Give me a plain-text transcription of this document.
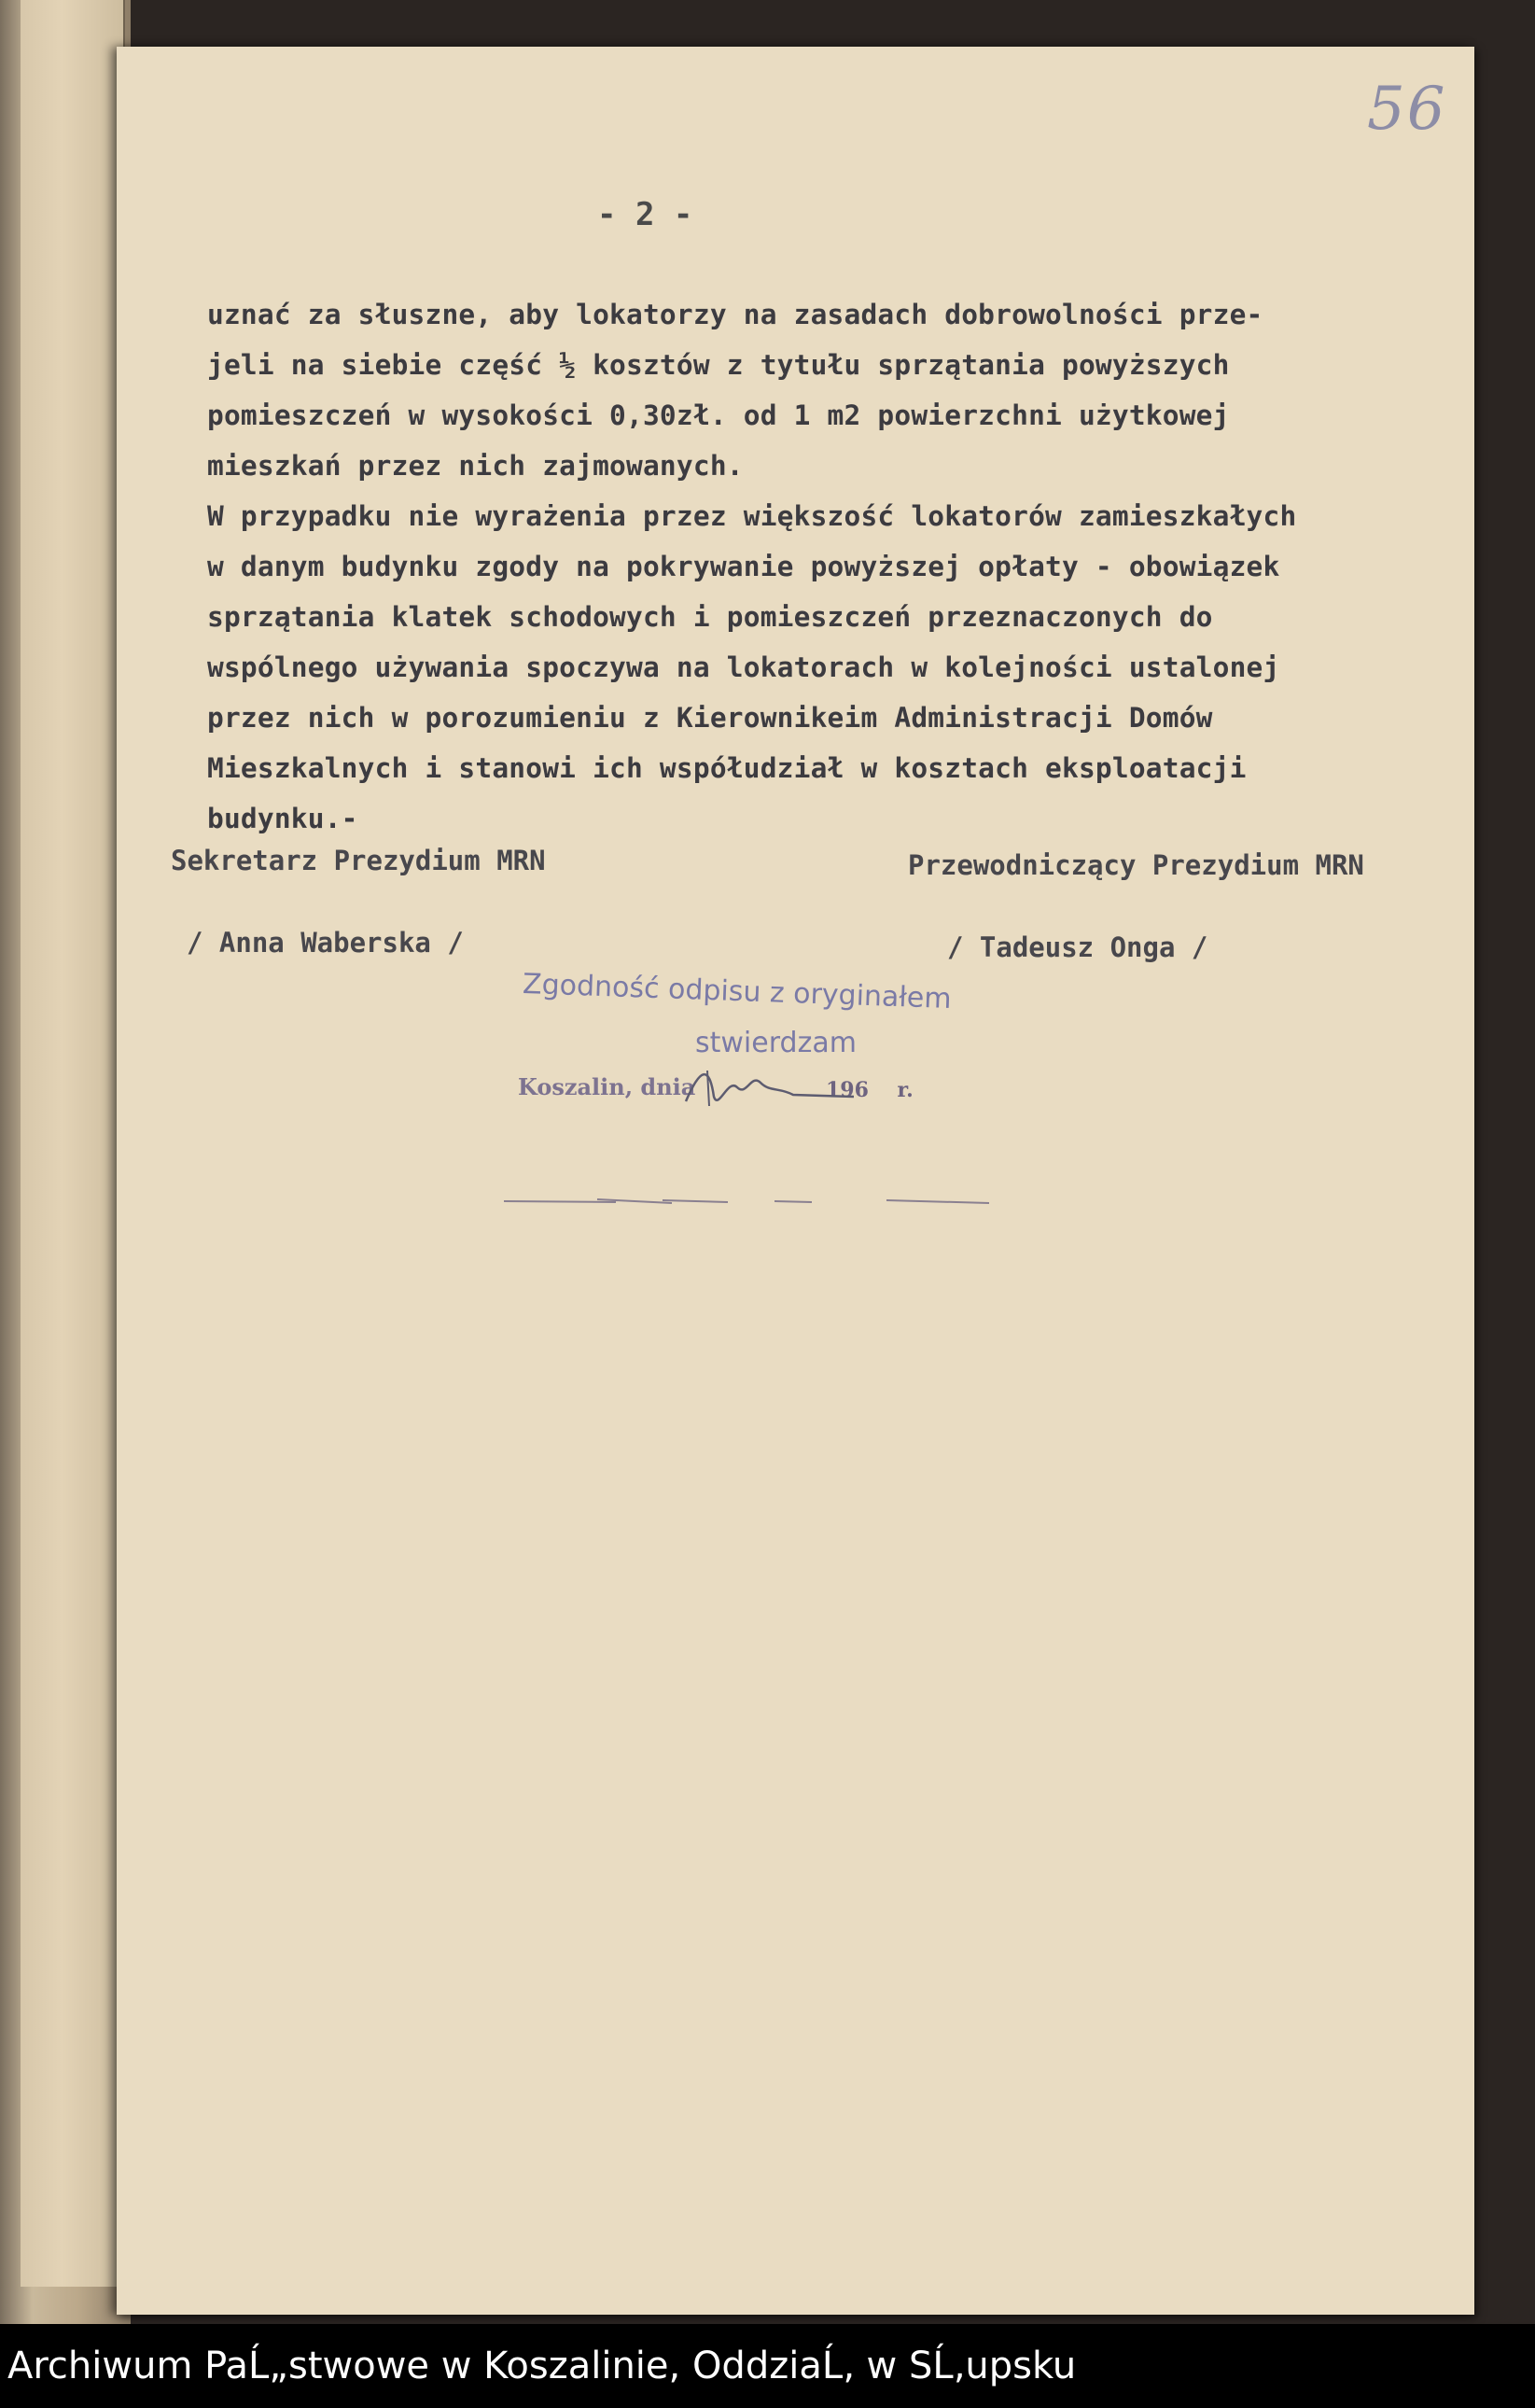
56
- 2 -
uznać za słuszne, aby lokatorzy na zasadach dobrowolności prze-
jeli na siebie część ½ kosztów z tytułu sprzątania powyższych
pomieszczeń w wysokości 0,30zł. od 1 m2 powierzchni użytkowej
mieszkań przez nich zajmowanych.
W przypadku nie wyrażenia przez większość lokatorów zamieszkałych
w danym budynku zgody na pokrywanie powyższej opłaty - obowiązek
sprzątania klatek schodowych i pomieszczeń przeznaczonych do
wspólnego używania spoczywa na lokatorach w kolejności ustalonej
przez nich w porozumieniu z Kierownikeim Administracji Domów
Mieszkalnych i stanowi ich współudział w kosztach eksploatacji
budynku.-
Sekretarz Prezydium MRN	Przewodniczący Prezydium MRN
/ Anna Waberska /	/ Tadeusz Onga /
Zgodność odpisu z oryginałem
stwierdzam
Koszalin, dnia	196    r.
Archiwum PaĹ„stwowe w Koszalinie, OddziaĹ‚ w SĹ‚upsku
